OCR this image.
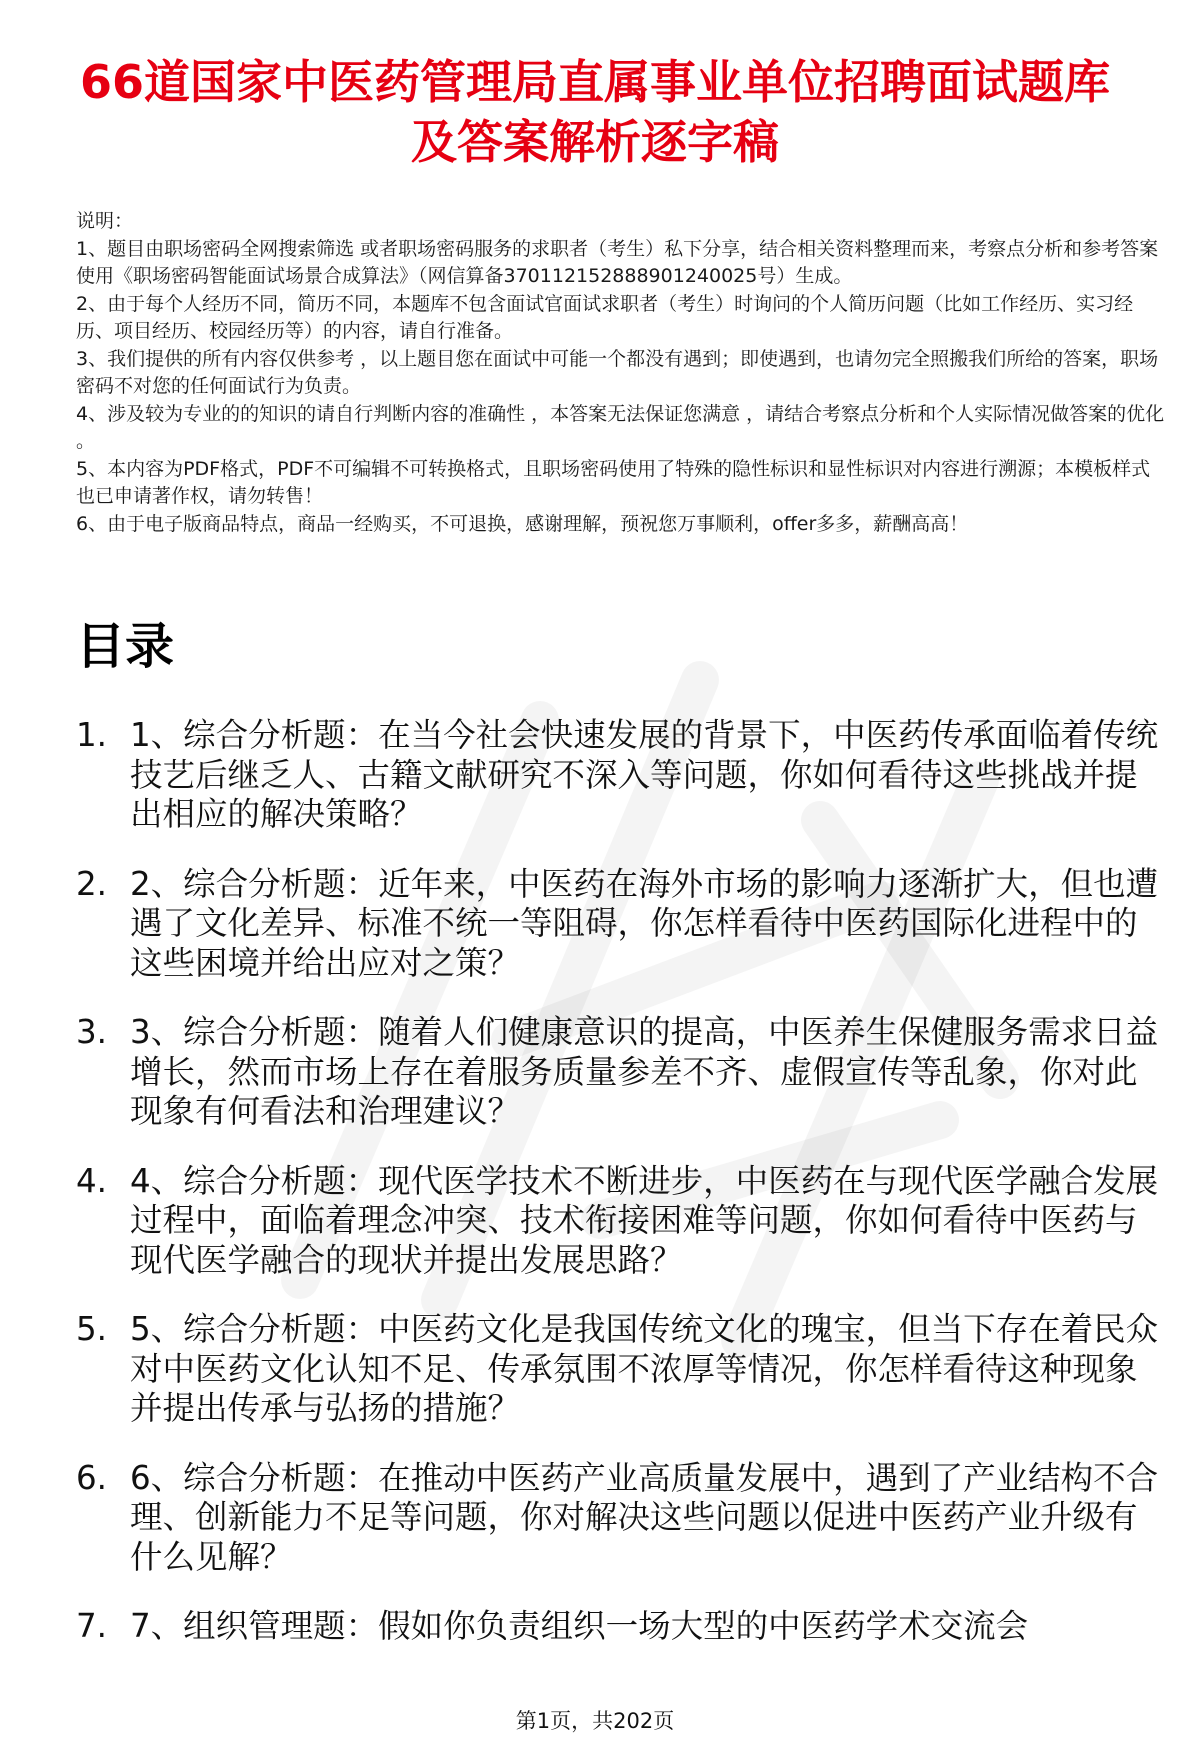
66道国家中医药管理局直属事业单位招聘面试题库及答案解析逐字稿

说明：

1、题目由职场密码全网搜索筛选 或者职场密码服务的求职者（考生）私下分享，结合相关资料整理而来，考察点分析和参考答案使用《职场密码智能面试场景合成算法》（网信算备370112152888901240025号）生成。

2、由于每个人经历不同，简历不同，本题库不包含面试官面试求职者（考生）时询问的个人简历问题（比如工作经历、实习经历、项目经历、校园经历等）的内容，请自行准备。

3、我们提供的所有内容仅供参考 ，以上题目您在面试中可能一个都没有遇到；即使遇到，也请勿完全照搬我们所给的答案，职场密码不对您的任何面试行为负责。

4、涉及较为专业的的知识的请自行判断内容的准确性 ，本答案无法保证您满意 ，请结合考察点分析和个人实际情况做答案的优化 。

5、本内容为PDF格式，PDF不可编辑不可转换格式，且职场密码使用了特殊的隐性标识和显性标识对内容进行溯源；本模板样式也已申请著作权，请勿转售！

6、由于电子版商品特点，商品一经购买，不可退换，感谢理解，预祝您万事顺利，offer多多，薪酬高高！

目录
1. 1、综合分析题：在当今社会快速发展的背景下，中医药传承面临着传统技艺后继乏人、古籍文献研究不深入等问题，你如何看待这些挑战并提出相应的解决策略？
2. 2、综合分析题：近年来，中医药在海外市场的影响力逐渐扩大，但也遭遇了文化差异、标准不统一等阻碍，你怎样看待中医药国际化进程中的这些困境并给出应对之策？
3. 3、综合分析题：随着人们健康意识的提高，中医养生保健服务需求日益增长，然而市场上存在着服务质量参差不齐、虚假宣传等乱象，你对此现象有何看法和治理建议？
4. 4、综合分析题：现代医学技术不断进步，中医药在与现代医学融合发展过程中，面临着理念冲突、技术衔接困难等问题，你如何看待中医药与现代医学融合的现状并提出发展思路？
5. 5、综合分析题：中医药文化是我国传统文化的瑰宝，但当下存在着民众对中医药文化认知不足、传承氛围不浓厚等情况，你怎样看待这种现象并提出传承与弘扬的措施？
6. 6、综合分析题：在推动中医药产业高质量发展中，遇到了产业结构不合理、创新能力不足等问题，你对解决这些问题以促进中医药产业升级有什么见解？
7. 7、组织管理题：假如你负责组织一场大型的中医药学术交流会
第1页，共202页
